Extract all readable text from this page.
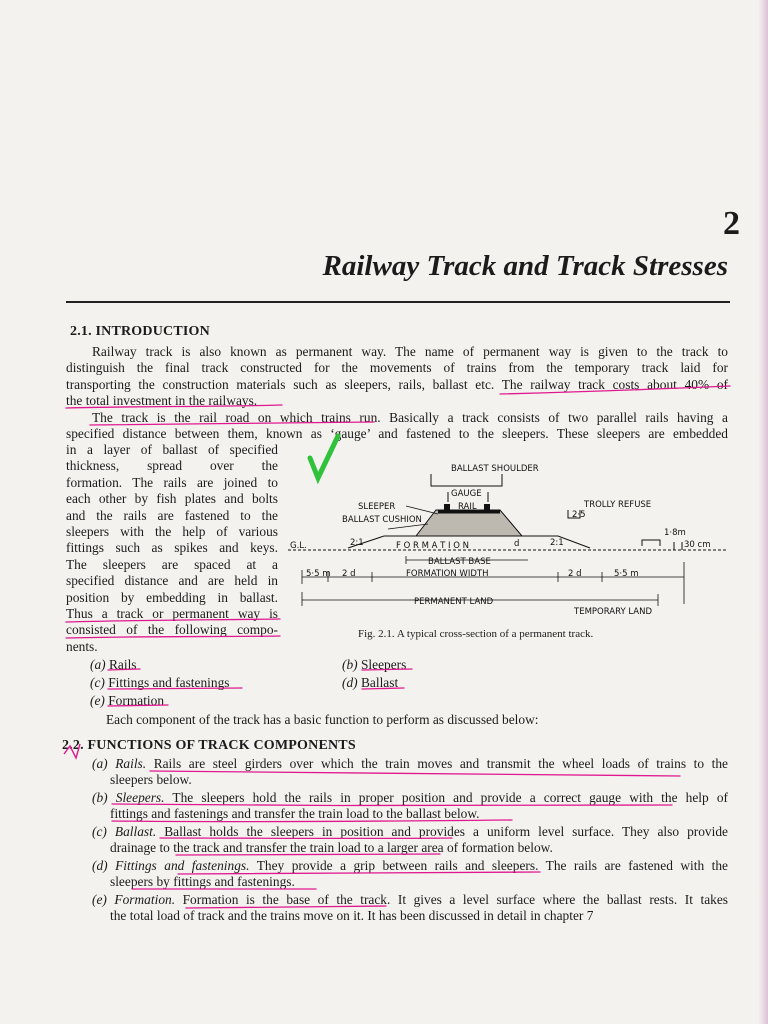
2
Railway Track and Track Stresses
2.1. INTRODUCTION
Railway track is also known as permanent way. The name of permanent way is given to the track to
distinguish the final track constructed for the movements of trains from the temporary track laid for
transporting the construction materials such as sleepers, rails, ballast etc. The railway track costs about 40% of
the total investment in the railways.
The track is the rail road on which trains run. Basically a track consists of two parallel rails having a
specified distance between them, known as ‘gauge’ and fastened to the sleepers. These sleepers are embedded
in a layer of ballast of specified
thickness, spread over the
formation. The rails are joined to
each other by fish plates and bolts
and the rails are fastened to the
sleepers with the help of various
fittings such as spikes and keys.
The sleepers are spaced at a
specified distance and are held in
position by embedding in ballast.
Thus a track or permanent way is
consisted of the following compo-
nents.
BALLAST SHOULDER
GAUGE
G.L.	2:1	F O R M A T I O N	d	2:1
SLEEPER	RAIL
BALLAST CUSHION
TROLLY REFUSE
2·5
1·8m
30 cm
BALLAST BASE
5·5 m 2 d	FORMATION WIDTH	2 d	5·5 m
PERMANENT LAND
TEMPORARY LAND
Fig. 2.1. A typical cross-section of a permanent track.
(a) Rails	(b) Sleepers
(c) Fittings and fastenings	(d) Ballast
(e) Formation
Each component of the track has a basic function to perform as discussed below:
2.2. FUNCTIONS OF TRACK COMPONENTS
(a) Rails. Rails are steel girders over which the train moves and transmit the wheel loads of trains to the
sleepers below.
(b) Sleepers. The sleepers hold the rails in proper position and provide a correct gauge with the help of
fittings and fastenings and transfer the train load to the ballast below.
(c) Ballast. Ballast holds the sleepers in position and provides a uniform level surface. They also provide
drainage to the track and transfer the train load to a larger area of formation below.
(d) Fittings and fastenings. They provide a grip between rails and sleepers. The rails are fastened with the
sleepers by fittings and fastenings.
(e) Formation. Formation is the base of the track. It gives a level surface where the ballast rests. It takes
the total load of track and the trains move on it. It has been discussed in detail in chapter 7
